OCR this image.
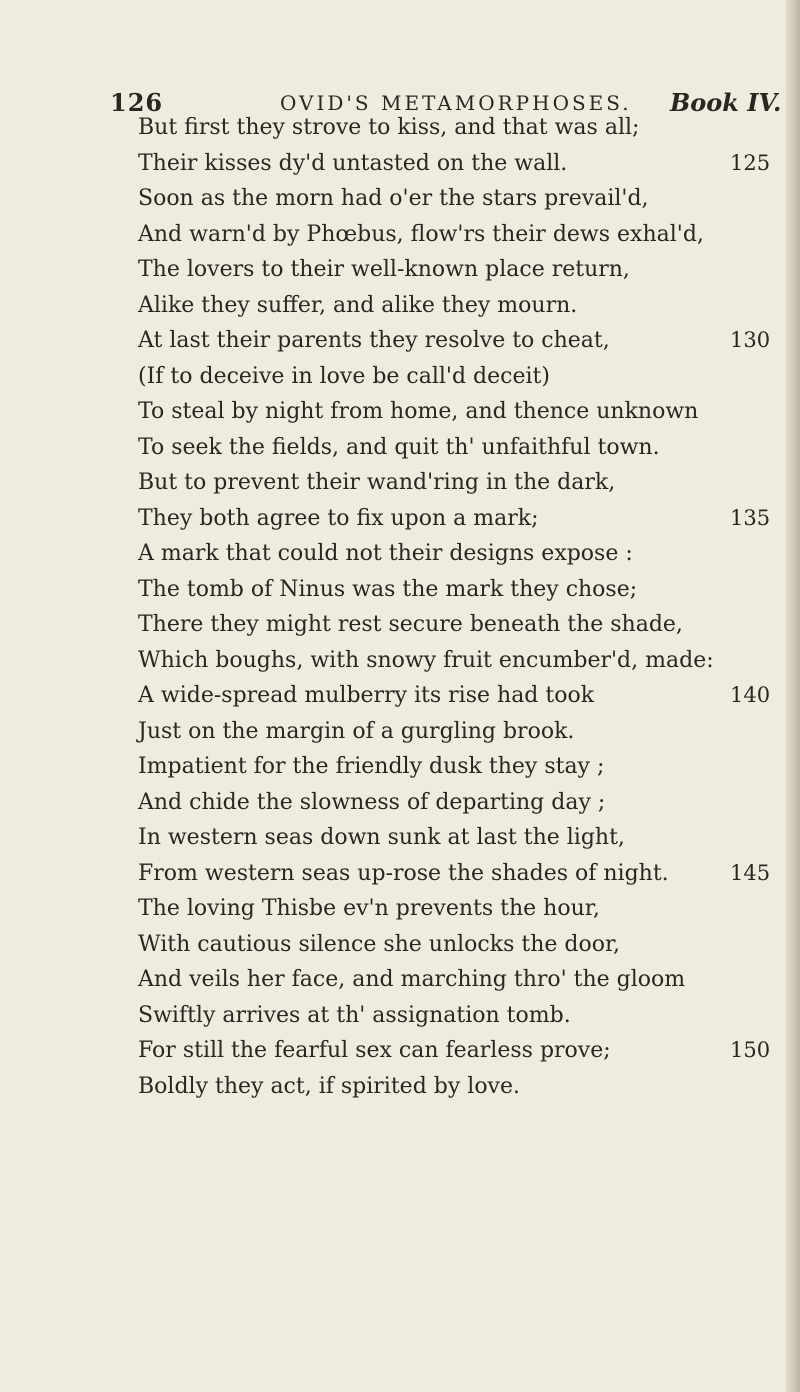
126	OVID'S METAMORPHOSES. Book IV.
But first they strove to kiss, and that was all;
Their kisses dy'd untasted on the wall.	125
Soon as the morn had o'er the stars prevail'd,
And warn'd by Phœbus, flow'rs their dews exhal'd,
The lovers to their well-known place return,
Alike they suffer, and alike they mourn.
At last their parents they resolve to cheat,	130
(If to deceive in love be call'd deceit)
To steal by night from home, and thence unknown
To seek the fields, and quit th' unfaithful town.
But to prevent their wand'ring in the dark,
They both agree to fix upon a mark;	135
A mark that could not their designs expose :
The tomb of Ninus was the mark they chose;
There they might rest secure beneath the shade,
Which boughs, with snowy fruit encumber'd, made:
A wide-spread mulberry its rise had took	140
Just on the margin of a gurgling brook.
Impatient for the friendly dusk they stay ;
And chide the slowness of departing day ;
In western seas down sunk at last the light,
From western seas up-rose the shades of night.	145
The loving Thisbe ev'n prevents the hour,
With cautious silence she unlocks the door,
And veils her face, and marching thro' the gloom
Swiftly arrives at th' assignation tomb.
For still the fearful sex can fearless prove;	150
Boldly they act, if spirited by love.
